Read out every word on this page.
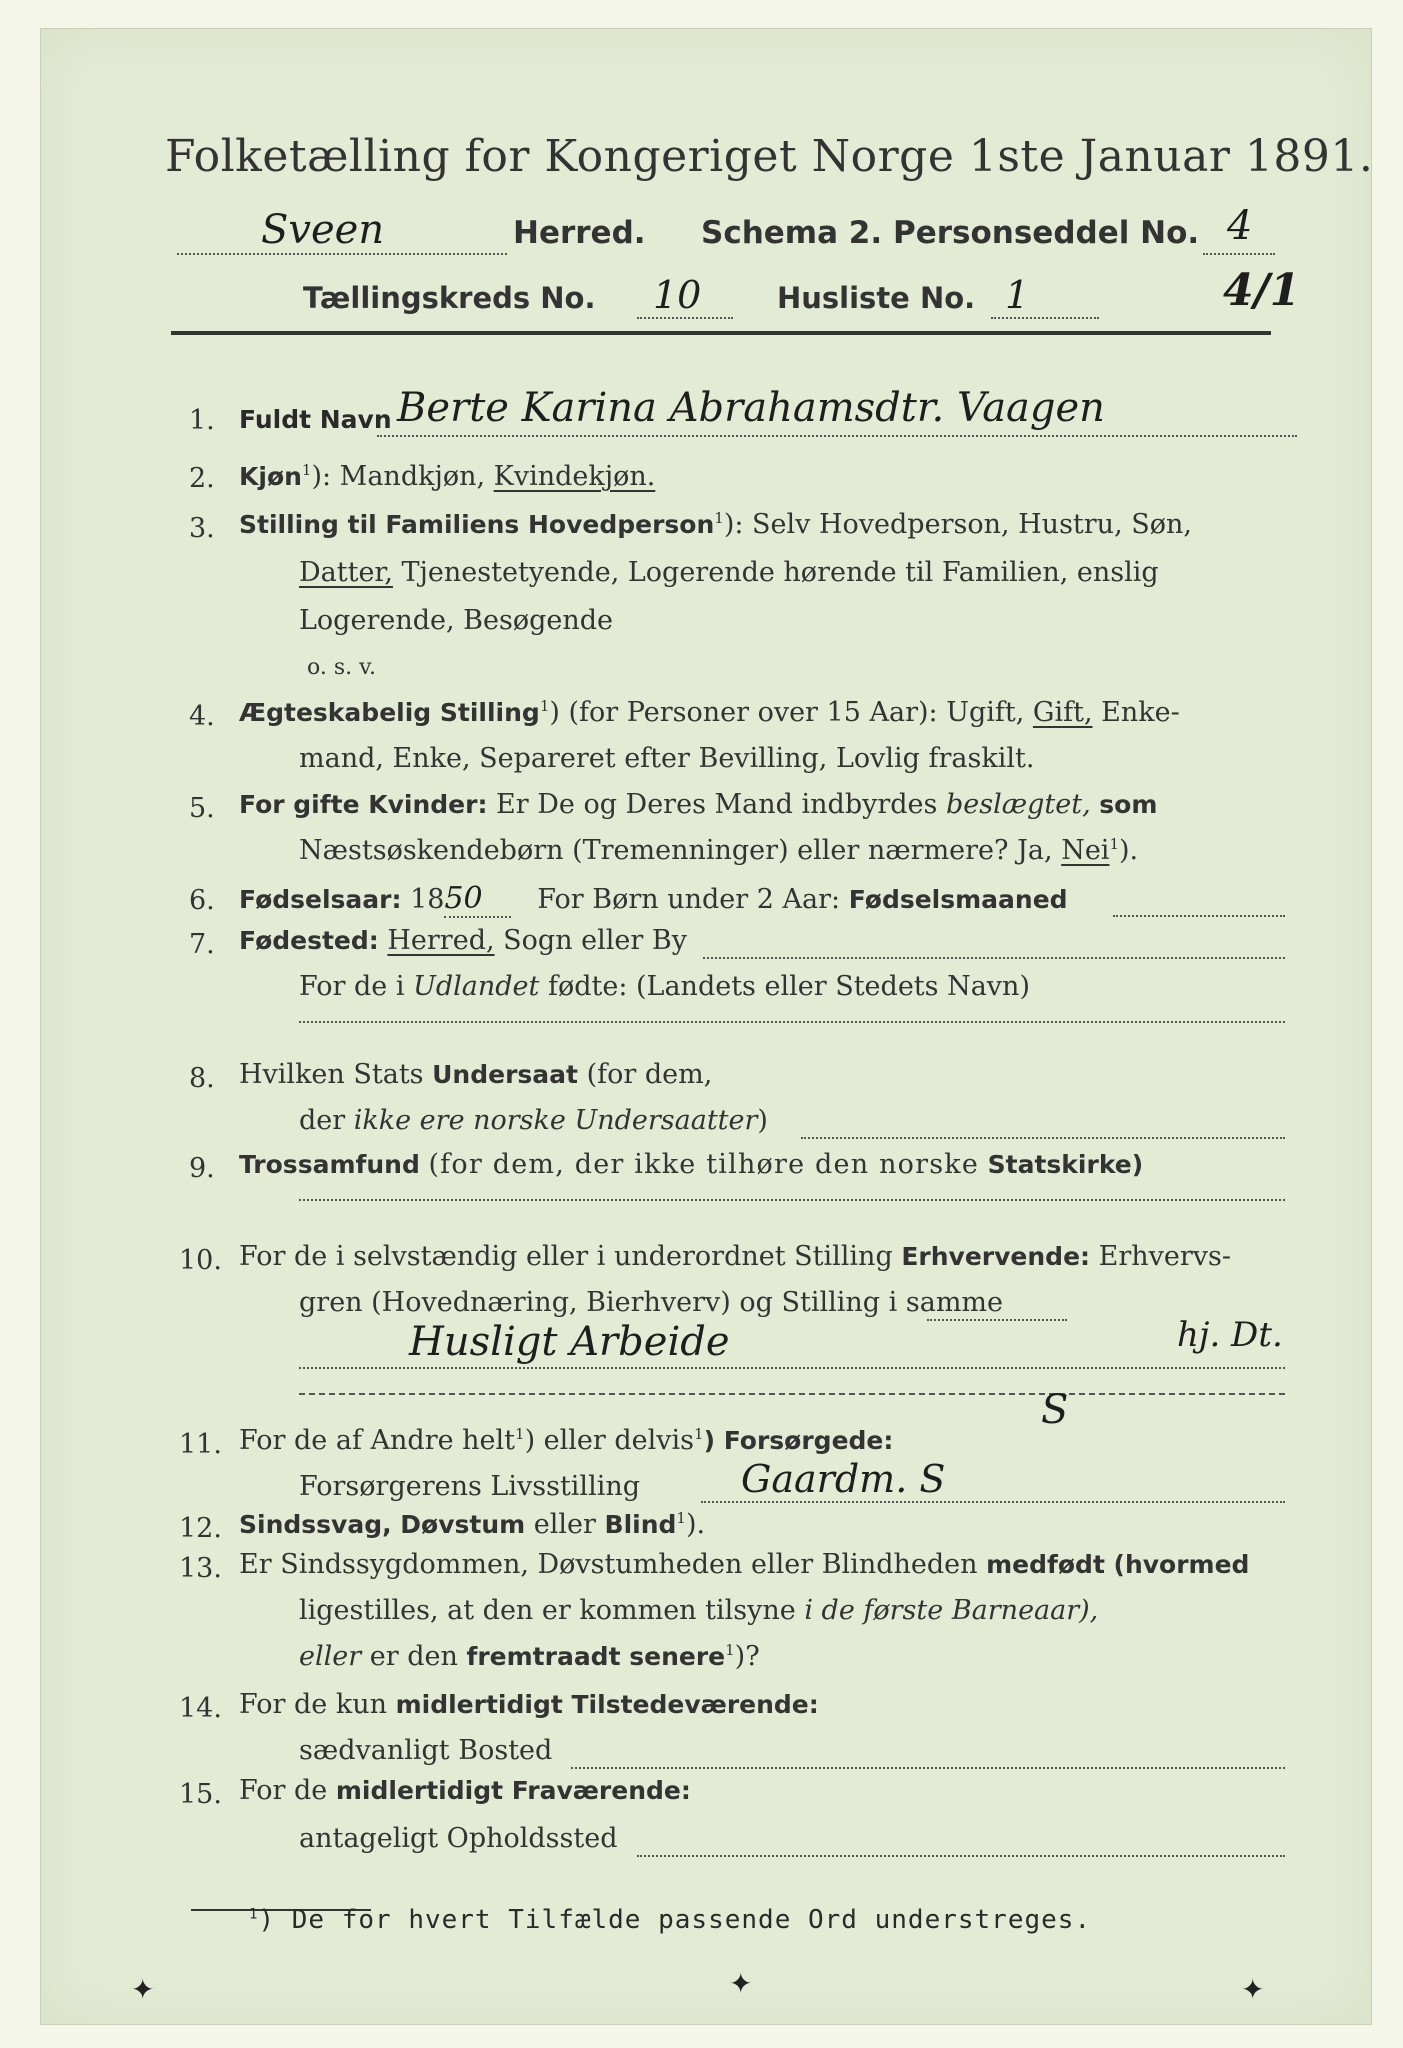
Folketælling for Kongeriget Norge 1ste Januar 1891.
Sveen	Herred. Schema 2. Personseddel No. 4
Tællingskreds No. 10	Husliste No. 1	4/1
1. Fuldt Navn Berte Karina Abrahamsdtr. Vaagen
2. Kjøn$^1$): Mandkjøn, Kvindekjøn.
3. Stilling til Familiens Hovedperson$^1$): Selv Hovedperson, Hustru, Søn,
Datter, Tjenestetyende, Logerende hørende til Familien, enslig
Logerende, Besøgende
o. s. v.
4. Ægteskabelig Stilling$^1$) (for Personer over 15 Aar): Ugift, Gift, Enke-
mand, Enke, Separeret efter Bevilling, Lovlig fraskilt.
5. For gifte Kvinder: Er De og Deres Mand indbyrdes beslægtet, som
Næstsøskendebørn (Tremenninger) eller nærmere? Ja, Nei$^1$).
6. Fødselsaar: 1850 For Børn under 2 Aar: Fødselsmaaned
7. Fødested: Herred, Sogn eller By
For de i Udlandet fødte: (Landets eller Stedets Navn)
8. Hvilken Stats Undersaat (for dem,
der ikke ere norske Undersaatter)
9. Trossamfund (for dem, der ikke tilhøre den norske Statskirke)
10. For de i selvstændig eller i underordnet Stilling Erhvervende: Erhvervs-
gren (Hovednæring, Bierhverv) og Stilling i samme
Husligt Arbeide	hj. Dt.
11. For de af Andre helt$^1$) eller delvis$^1$) Forsørgede:
S
Forsørgerens Livsstilling	Gaardm. S
12. Sindssvag, Døvstum eller Blind$^1$).
13. Er Sindssygdommen, Døvstumheden eller Blindheden medfødt (hvormed
ligestilles, at den er kommen tilsyne i de første Barneaar),
eller er den fremtraadt senere$^1$)?
14. For de kun midlertidigt Tilstedeværende:
sædvanligt Bosted
15. For de midlertidigt Fraværende:
antageligt Opholdssted
$^1$) De for hvert Tilfælde passende Ord understreges.
✦	✦	✦
